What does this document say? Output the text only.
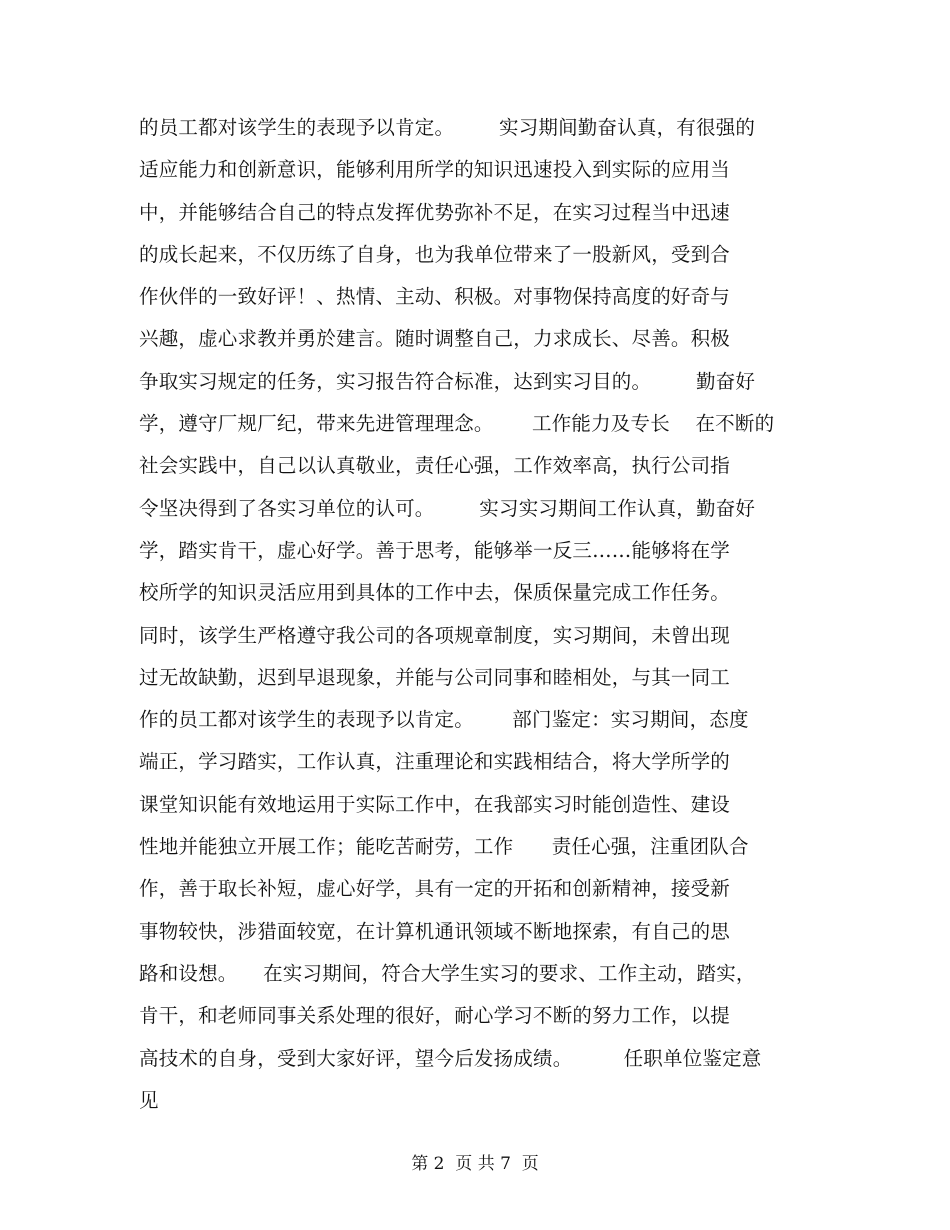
的员工都对该学生的表现予以肯定。       实习期间勤奋认真，有很强的
适应能力和创新意识，能够利用所学的知识迅速投入到实际的应用当
中，并能够结合自己的特点发挥优势弥补不足，在实习过程当中迅速
的成长起来，不仅历练了自身，也为我单位带来了一股新风，受到合
作伙伴的一致好评！、热情、主动、积极。对事物保持高度的好奇与
兴趣，虚心求教并勇於建言。随时调整自己，力求成长、尽善。积极
争取实习规定的任务，实习报告符合标准，达到实习目的。       勤奋好
学，遵守厂规厂纪，带来先进管理理念。      工作能力及专长    在不断的
社会实践中，自己以认真敬业，责任心强，工作效率高，执行公司指
令坚决得到了各实习单位的认可。       实习实习期间工作认真，勤奋好
学，踏实肯干，虚心好学。善于思考，能够举一反三……能够将在学
校所学的知识灵活应用到具体的工作中去，保质保量完成工作任务。
同时，该学生严格遵守我公司的各项规章制度，实习期间，未曾出现
过无故缺勤，迟到早退现象，并能与公司同事和睦相处，与其一同工
作的员工都对该学生的表现予以肯定。      部门鉴定：实习期间，态度
端正，学习踏实，工作认真，注重理论和实践相结合，将大学所学的
课堂知识能有效地运用于实际工作中，在我部实习时能创造性、建设
性地并能独立开展工作；能吃苦耐劳，工作      责任心强，注重团队合
作，善于取长补短，虚心好学，具有一定的开拓和创新精神，接受新
事物较快，涉猎面较宽，在计算机通讯领域不断地探索，有自己的思
路和设想。    在实习期间，符合大学生实习的要求、工作主动，踏实，
肯干，和老师同事关系处理的很好，耐心学习不断的努力工作，以提
高技术的自身，受到大家好评，望今后发扬成绩。        任职单位鉴定意
见
第 2  页 共 7  页
